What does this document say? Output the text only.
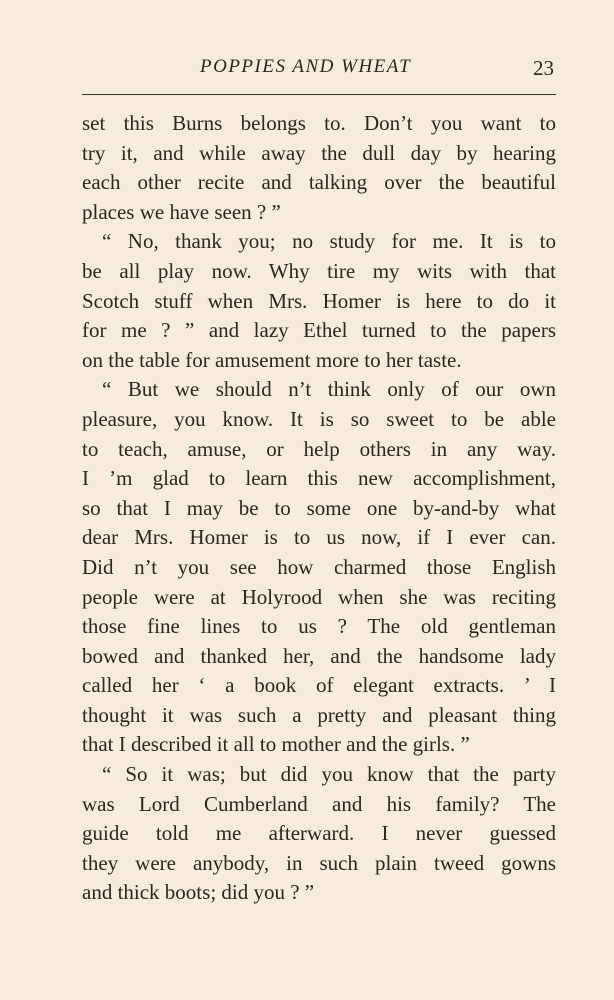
POPPIES AND WHEAT	23
set this Burns belongs to. Don’t you want to
try it, and while away the dull day by hearing
each other recite and talking over the beautiful
places we have seen ? ”
“ No, thank you; no study for me. It is to
be all play now. Why tire my wits with that
Scotch stuff when Mrs. Homer is here to do it
for me ? ” and lazy Ethel turned to the papers
on the table for amusement more to her taste.
“ But we should n’t think only of our own
pleasure, you know. It is so sweet to be able
to teach, amuse, or help others in any way.
I ’m glad to learn this new accomplishment,
so that I may be to some one by-and-by what
dear Mrs. Homer is to us now, if I ever can.
Did n’t you see how charmed those English
people were at Holyrood when she was reciting
those fine lines to us ? The old gentleman
bowed and thanked her, and the handsome lady
called her ‘ a book of elegant extracts. ’ I
thought it was such a pretty and pleasant thing
that I described it all to mother and the girls. ”
“ So it was; but did you know that the party
was Lord Cumberland and his family? The
guide told me afterward. I never guessed
they were anybody, in such plain tweed gowns
and thick boots; did you ? ”
